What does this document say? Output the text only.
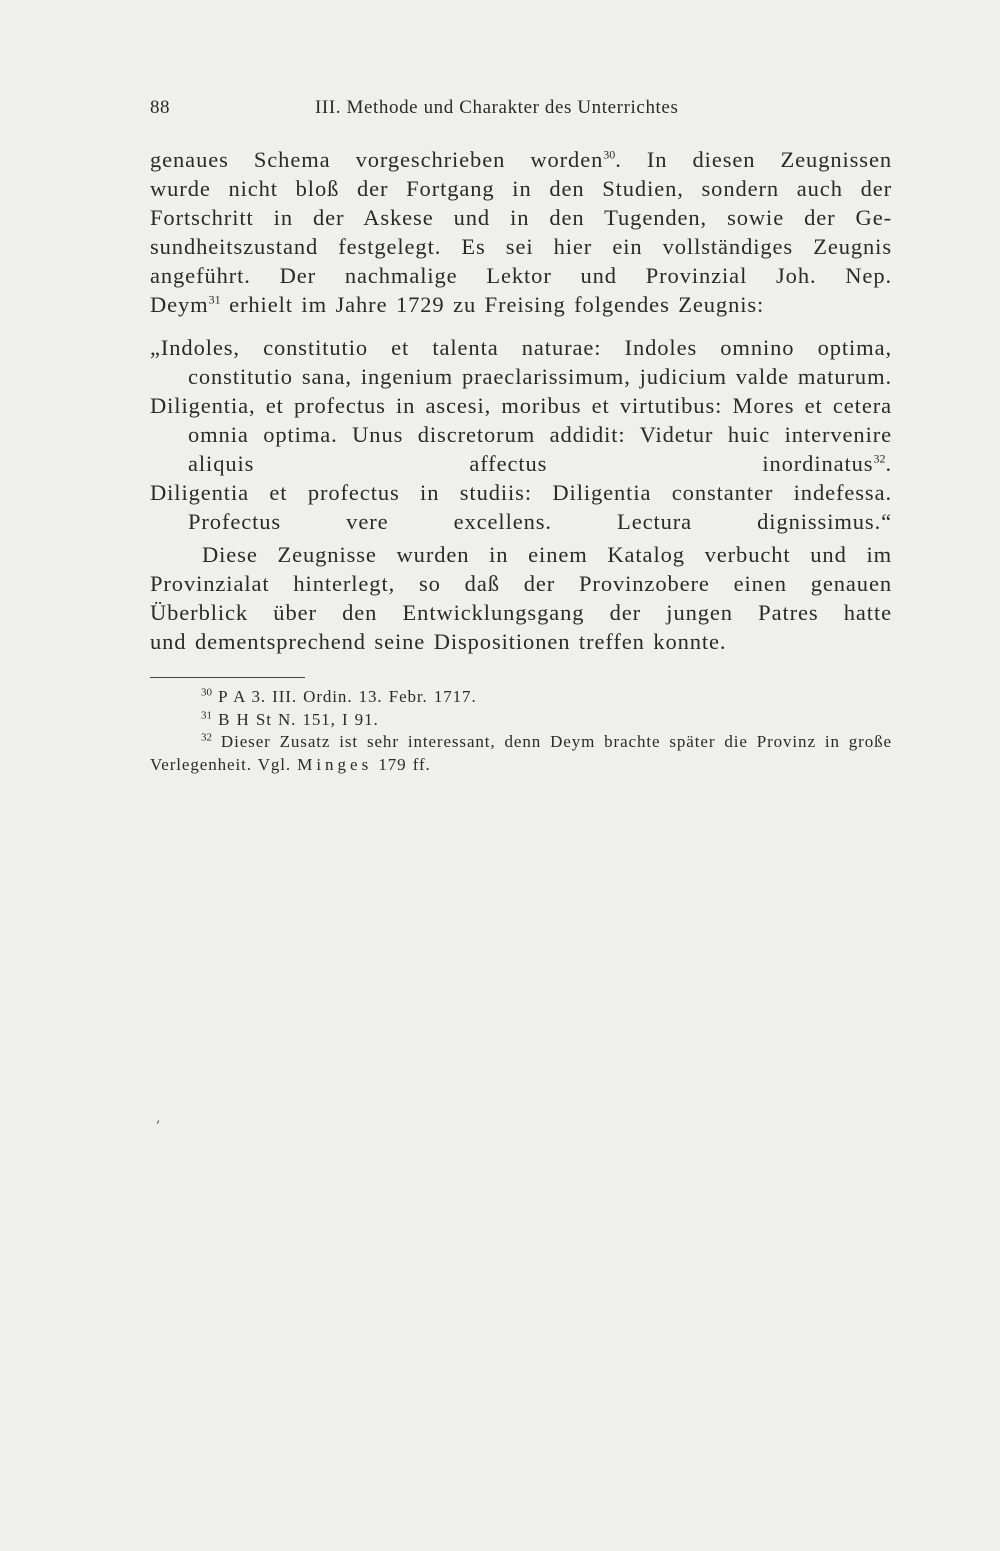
88	III. Methode und Charakter des Unterrichtes

genaues Schema vorgeschrieben worden$^{30}$. In diesen Zeugnissen

wurde nicht bloß der Fortgang in den Studien, sondern auch der

Fortschritt in der Askese und in den Tugenden, sowie der Ge-

sundheitszustand festgelegt. Es sei hier ein vollständiges Zeugnis

angeführt. Der nachmalige Lektor und Provinzial Joh. Nep.

Deym$^{31}$ erhielt im Jahre 1729 zu Freising folgendes Zeugnis:

„Indoles, constitutio et talenta naturae: Indoles omnino optima, constitutio sana, ingenium praeclarissimum, judicium valde maturum.

Diligentia, et profectus in ascesi, moribus et virtutibus: Mores et cetera omnia optima. Unus discretorum addidit: Videtur huic intervenire aliquis affectus inordinatus$^{32}$.

Diligentia et profectus in studiis: Diligentia constanter indefessa. Profectus vere excellens. Lectura dignissimus.“

Diese Zeugnisse wurden in einem Katalog verbucht und im

Provinzialat hinterlegt, so daß der Provinzobere einen genauen

Überblick über den Entwicklungsgang der jungen Patres hatte

und dementsprechend seine Dispositionen treffen konnte.

$^{30}$ P A 3. III. Ordin. 13. Febr. 1717.

$^{31}$ B H St N. 151, I 91.

$^{32}$ Dieser Zusatz ist sehr interessant, denn Deym brachte später die Provinz in große Verlegenheit. Vgl. Minges 179 ff.

,
